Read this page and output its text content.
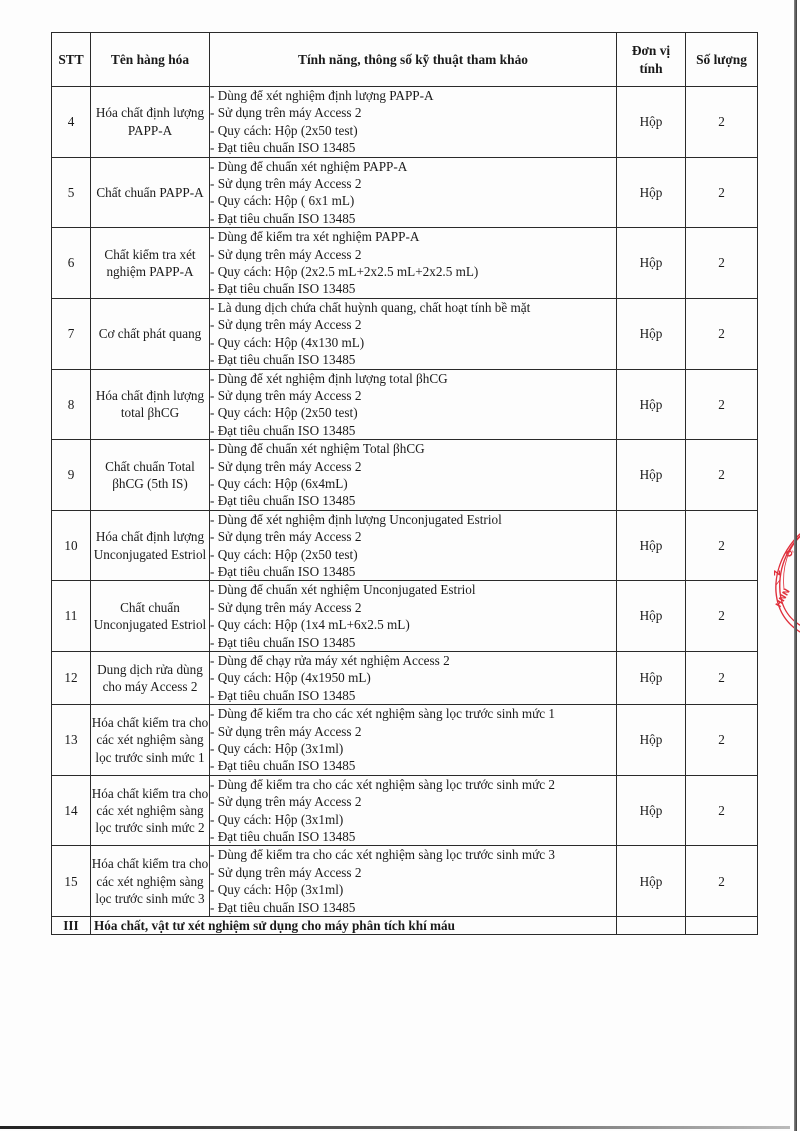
STT	Tên hàng hóa	Tính năng, thông số kỹ thuật tham khảo	Đơn vị
tính	Số lượng
4	Hóa chất định lượng PAPP-A	- Dùng để xét nghiệm định lượng PAPP-A
- Sử dụng trên máy Access 2
- Quy cách: Hộp (2x50 test)
- Đạt tiêu chuẩn ISO 13485	Hộp	2
5	Chất chuẩn PAPP-A	- Dùng để chuẩn xét nghiệm PAPP-A
- Sử dụng trên máy Access 2
- Quy cách: Hộp ( 6x1 mL)
- Đạt tiêu chuẩn ISO 13485	Hộp	2
6	Chất kiểm tra xét nghiệm PAPP-A	- Dùng để kiểm tra xét nghiệm PAPP-A
- Sử dụng trên máy Access 2
- Quy cách: Hộp (2x2.5 mL+2x2.5 mL+2x2.5 mL)
- Đạt tiêu chuẩn ISO 13485	Hộp	2
7	Cơ chất phát quang	- Là dung dịch chứa chất huỳnh quang, chất hoạt tính bề mặt
- Sử dụng trên máy Access 2
- Quy cách: Hộp (4x130 mL)
- Đạt tiêu chuẩn ISO 13485	Hộp	2
8	Hóa chất định lượng total βhCG	- Dùng để xét nghiệm định lượng total βhCG
- Sử dụng trên máy Access 2
- Quy cách: Hộp (2x50 test)
- Đạt tiêu chuẩn ISO 13485	Hộp	2
9	Chất chuẩn Total βhCG (5th IS)	- Dùng để chuẩn xét nghiệm Total βhCG
- Sử dụng trên máy Access 2
- Quy cách: Hộp (6x4mL)
- Đạt tiêu chuẩn ISO 13485	Hộp	2
10	Hóa chất định lượng Unconjugated Estriol	- Dùng để xét nghiệm định lượng Unconjugated Estriol
- Sử dụng trên máy Access 2
- Quy cách: Hộp (2x50 test)
- Đạt tiêu chuẩn ISO 13485	Hộp	2
11	Chất chuẩn Unconjugated Estriol	- Dùng để chuẩn xét nghiệm Unconjugated Estriol
- Sử dụng trên máy Access 2
- Quy cách: Hộp (1x4 mL+6x2.5 mL)
- Đạt tiêu chuẩn ISO 13485	Hộp	2
12	Dung dịch rửa dùng cho máy Access 2	- Dùng để chạy rửa máy xét nghiệm Access 2
- Quy cách: Hộp (4x1950 mL)
- Đạt tiêu chuẩn ISO 13485	Hộp	2
13	Hóa chất kiểm tra cho các xét nghiệm sàng lọc trước sinh mức 1	- Dùng để kiểm tra cho các xét nghiệm sàng lọc trước sinh mức 1
- Sử dụng trên máy Access 2
- Quy cách: Hộp (3x1ml)
- Đạt tiêu chuẩn ISO 13485	Hộp	2
14	Hóa chất kiểm tra cho các xét nghiệm sàng lọc trước sinh mức 2	- Dùng để kiểm tra cho các xét nghiệm sàng lọc trước sinh mức 2
- Sử dụng trên máy Access 2
- Quy cách: Hộp (3x1ml)
- Đạt tiêu chuẩn ISO 13485	Hộp	2
15	Hóa chất kiểm tra cho các xét nghiệm sàng lọc trước sinh mức 3	- Dùng để kiểm tra cho các xét nghiệm sàng lọc trước sinh mức 3
- Sử dụng trên máy Access 2
- Quy cách: Hộp (3x1ml)
- Đạt tiêu chuẩn ISO 13485	Hộp	2
III	Hóa chất, vật tư xét nghiệm sử dụng cho máy phân tích khí máu			
Ồ
Z
/
HNN
